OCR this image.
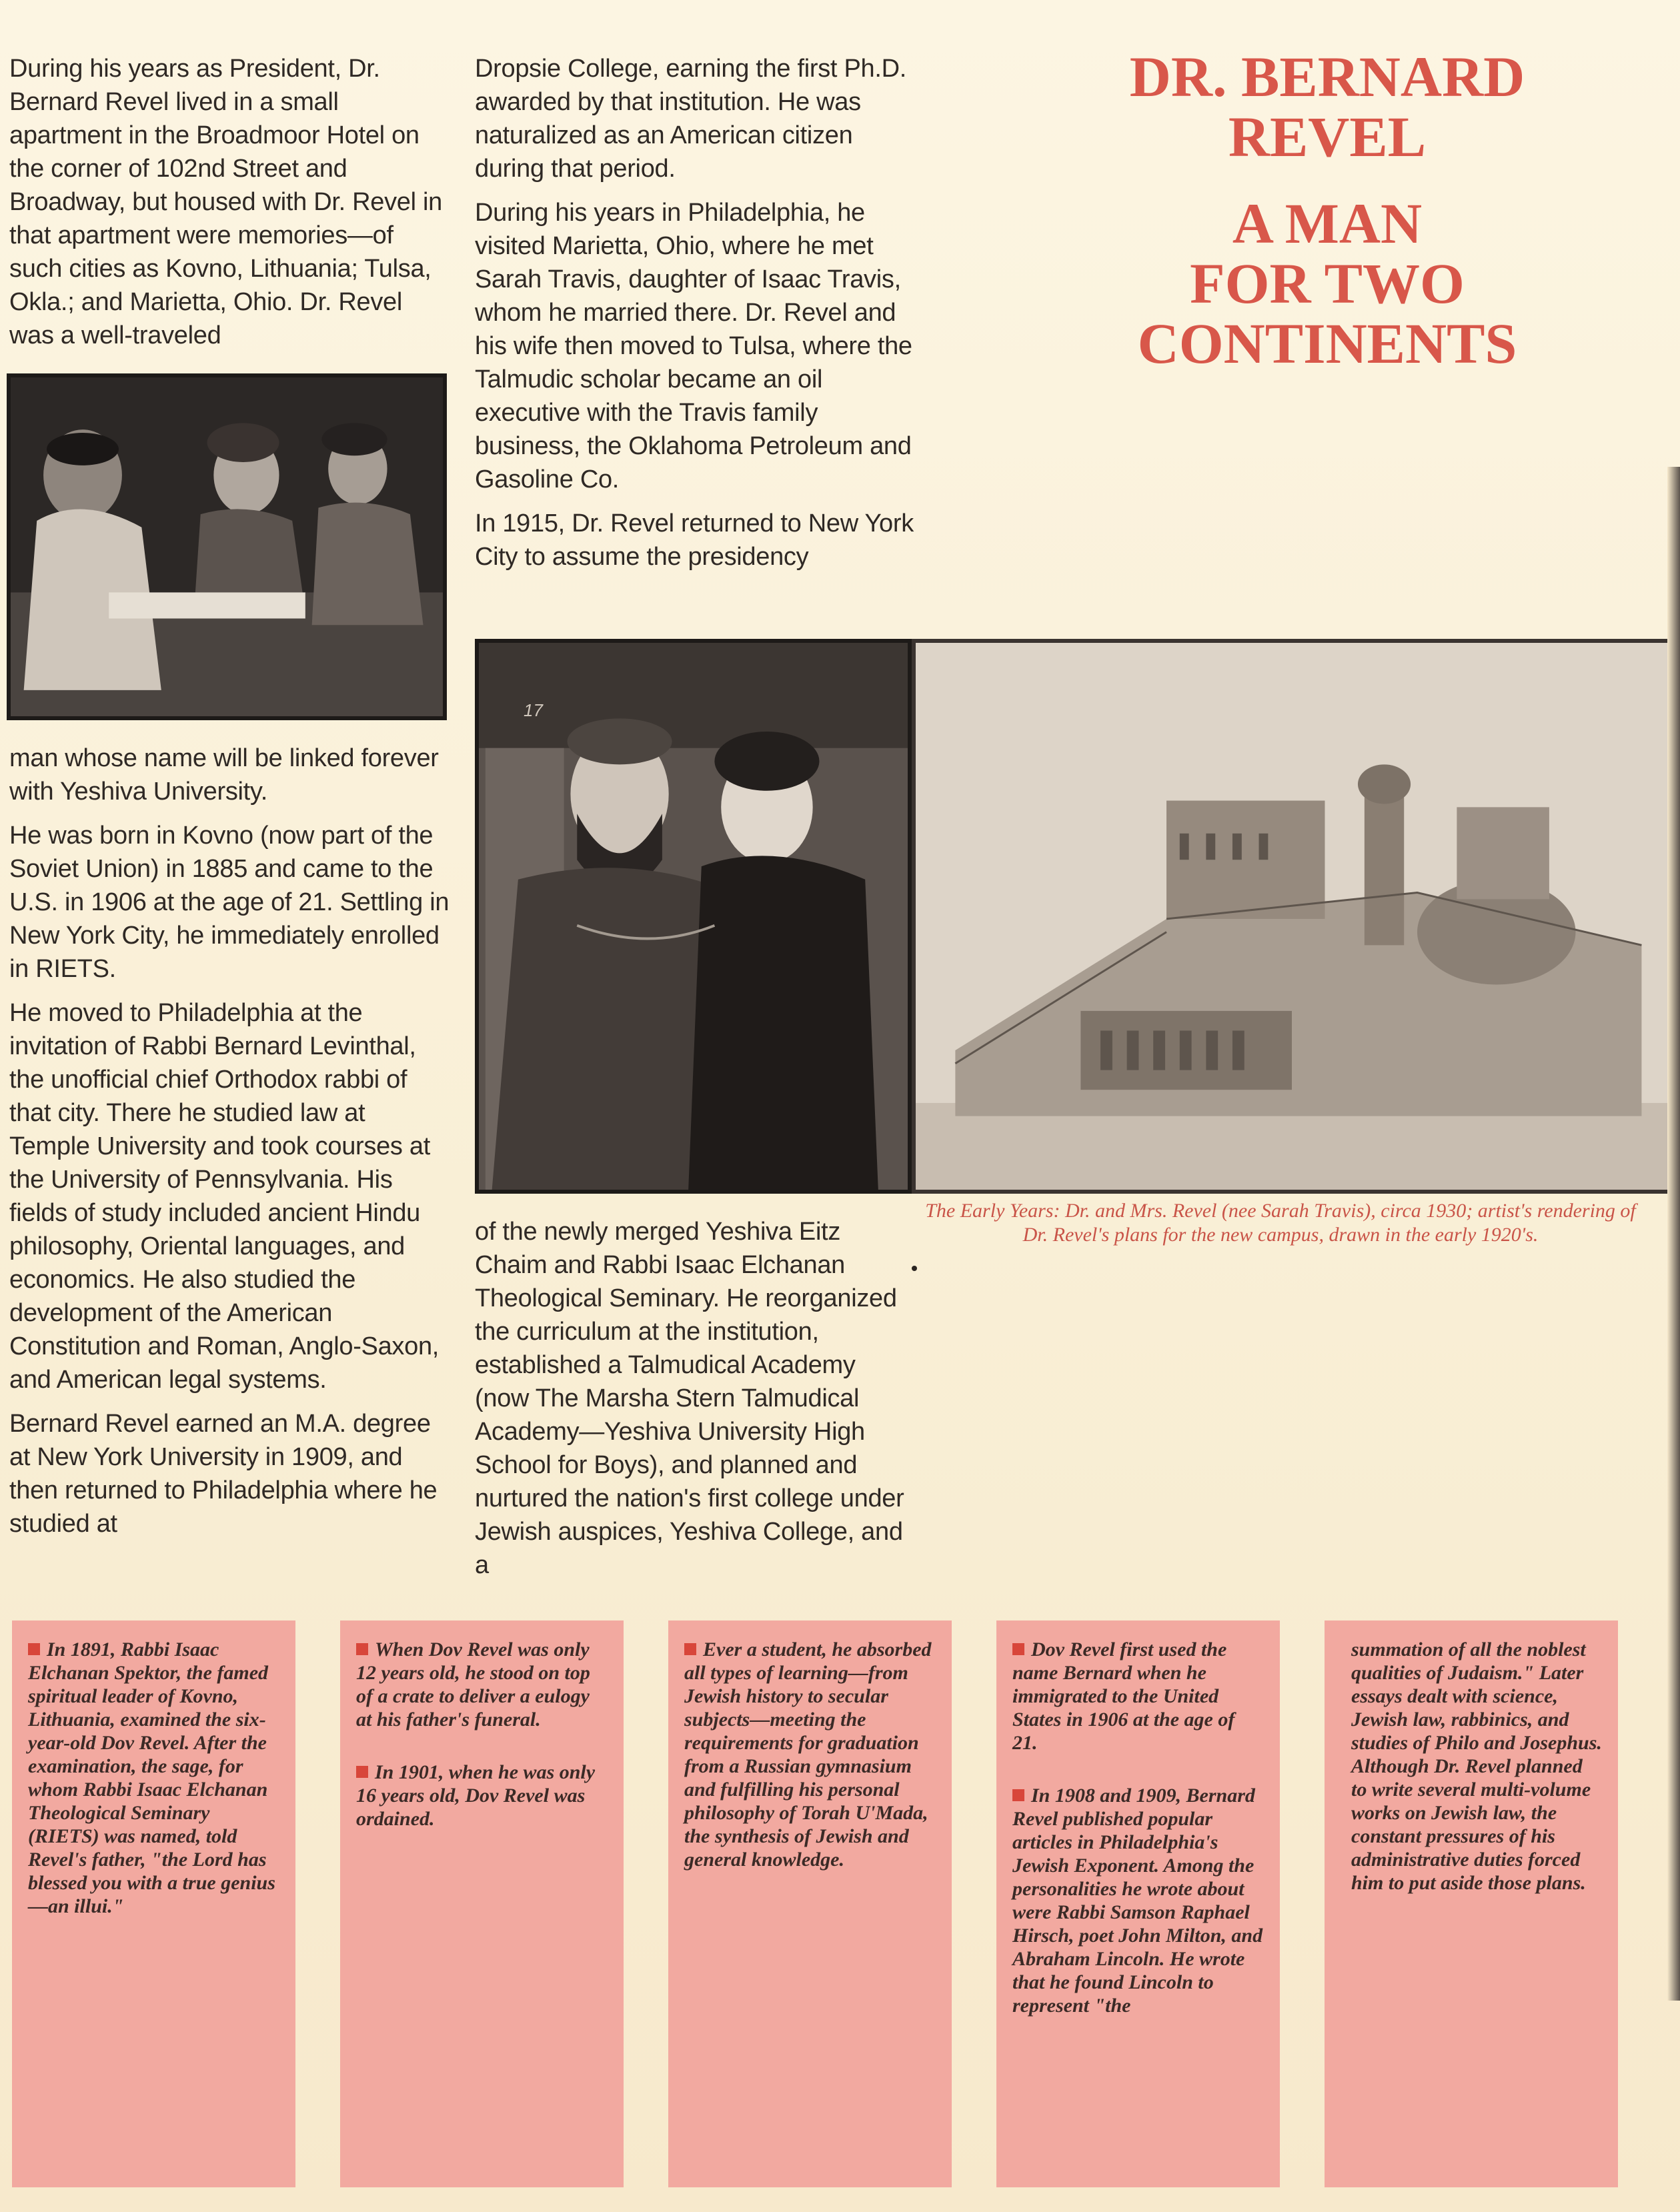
During his years as President, Dr. Bernard Revel lived in a small apartment in the Broadmoor Hotel on the corner of 102nd Street and Broadway, but housed with Dr. Revel in that apartment were memories—of such cities as Kovno, Lithuania; Tulsa, Okla.; and Marietta, Ohio. Dr. Revel was a well-traveled

man whose name will be linked forever with Yeshiva University.

He was born in Kovno (now part of the Soviet Union) in 1885 and came to the U.S. in 1906 at the age of 21. Settling in New York City, he immediately enrolled in RIETS.

He moved to Philadelphia at the invitation of Rabbi Bernard Levinthal, the unofficial chief Orthodox rabbi of that city. There he studied law at Temple University and took courses at the University of Pennsylvania. His fields of study included ancient Hindu philosophy, Oriental languages, and economics. He also studied the development of the American Constitution and Roman, Anglo-Saxon, and American legal systems.

Bernard Revel earned an M.A. degree at New York University in 1909, and then returned to Philadelphia where he studied at

Dropsie College, earning the first Ph.D. awarded by that institution. He was naturalized as an American citizen during that period.

During his years in Philadelphia, he visited Marietta, Ohio, where he met Sarah Travis, daughter of Isaac Travis, whom he married there. Dr. Revel and his wife then moved to Tulsa, where the Talmudic scholar became an oil executive with the Travis family business, the Oklahoma Petroleum and Gasoline Co.

In 1915, Dr. Revel returned to New York City to assume the presidency

DR. BERNARD
REVEL
A MAN
FOR TWO
CONTINENTS
17
The Early Years: Dr. and Mrs. Revel (nee Sarah Travis), circa 1930; artist's rendering of Dr. Revel's plans for the new campus, drawn in the early 1920's.

of the newly merged Yeshiva Eitz Chaim and Rabbi Isaac Elchanan Theological Seminary. He reorganized the curriculum at the institution, established a Talmudical Academy (now The Marsha Stern Talmudical Academy—Yeshiva University High School for Boys), and planned and nurtured the nation's first college under Jewish auspices, Yeshiva College, and a

In 1891, Rabbi Isaac Elchanan Spektor, the famed spiritual leader of Kovno, Lithuania, examined the six-year-old Dov Revel. After the examination, the sage, for whom Rabbi Isaac Elchanan Theological Seminary (RIETS) was named, told Revel's father, "the Lord has blessed you with a true genius—an illui."

When Dov Revel was only 12 years old, he stood on top of a crate to deliver a eulogy at his father's funeral.

In 1901, when he was only 16 years old, Dov Revel was ordained.

Ever a student, he absorbed all types of learning—from Jewish history to secular subjects—meeting the requirements for graduation from a Russian gymnasium and fulfilling his personal philosophy of Torah U'Mada, the synthesis of Jewish and general knowledge.

Dov Revel first used the name Bernard when he immigrated to the United States in 1906 at the age of 21.

In 1908 and 1909, Bernard Revel published popular articles in Philadelphia's Jewish Exponent. Among the personalities he wrote about were Rabbi Samson Raphael Hirsch, poet John Milton, and Abraham Lincoln. He wrote that he found Lincoln to represent "the

summation of all the noblest qualities of Judaism." Later essays dealt with science, Jewish law, rabbinics, and studies of Philo and Josephus. Although Dr. Revel planned to write several multi-volume works on Jewish law, the constant pressures of his administrative duties forced him to put aside those plans.
